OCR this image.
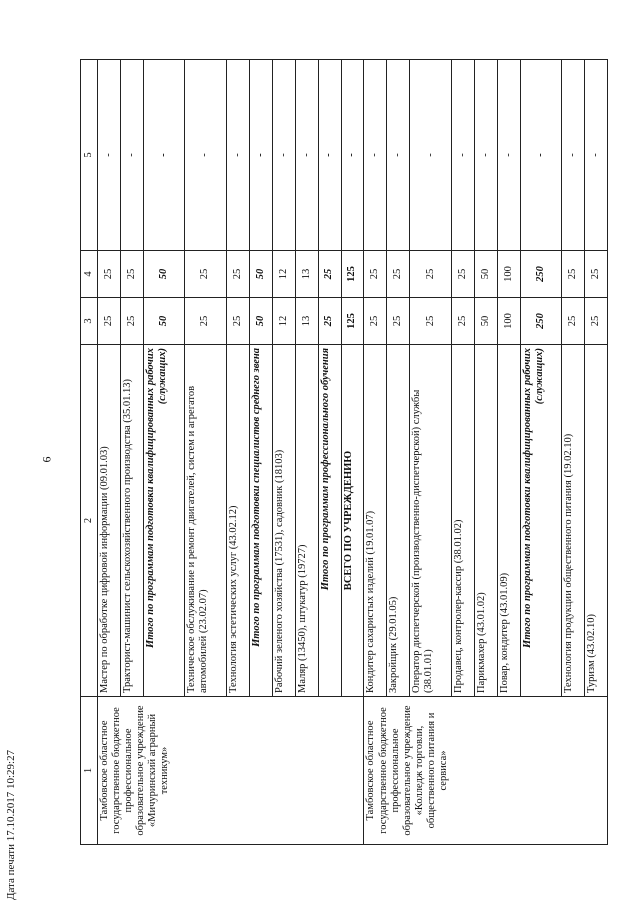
6
1	2	3	4	5
Тамбовское областное государственное бюджетное профессиональное образовательное учреждение «Мичуринский аграрный техникум»	Мастер по обработке цифровой информации (09.01.03)	25	25	-
	Тракторист-машинист сельскохозяйственного производства (35.01.13)	25	25	-
	Итого по программам подготовки квалифицированных рабочих (служащих)	50	50	-
	Техническое обслуживание и ремонт двигателей, систем и агрегатов автомобилей (23.02.07)	25	25	-
	Технология эстетических услуг (43.02.12)	25	25	-
	Итого по программам подготовки специалистов среднего звена	50	50	-
	Рабочий зеленого хозяйства (17531), садовник (18103)	12	12	-
	Маляр (13450), штукатур (19727)	13	13	-
	Итого по программам профессионального обучения	25	25	-
	ВСЕГО ПО УЧРЕЖДЕНИЮ	125	125	-
Тамбовское областное государственное бюджетное профессиональное образовательное учреждение «Колледж торговли, общественного питания и сервиса»	Кондитер сахаристых изделий (19.01.07)	25	25	-
	Закройщик (29.01.05)	25	25	-
	Оператор диспетчерской (производственно-диспетчерской) службы (38.01.01)	25	25	-
	Продавец, контролер-кассир (38.01.02)	25	25	-
	Парикмахер (43.01.02)	50	50	-
	Повар, кондитер (43.01.09)	100	100	-
	Итого по программам подготовки квалифицированных рабочих (служащих)	250	250	-
	Технология продукции общественного питания (19.02.10)	25	25	-
	Туризм (43.02.10)	25	25	-
Дата печати 17.10.2017 10:29:27
